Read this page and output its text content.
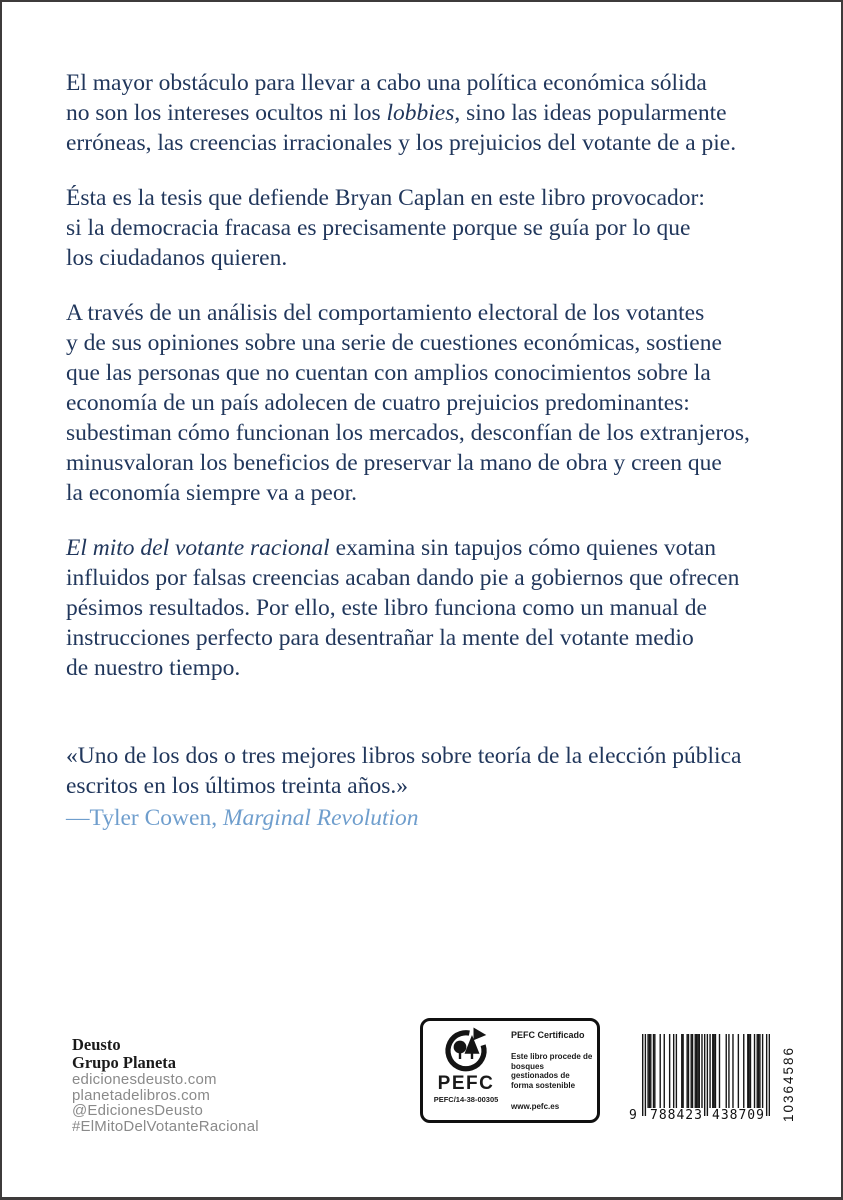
El mayor obstáculo para llevar a cabo una política económica sólida
no son los intereses ocultos ni los lobbies, sino las ideas popularmente
erróneas, las creencias irracionales y los prejuicios del votante de a pie.
Ésta es la tesis que defiende Bryan Caplan en este libro provocador:
si la democracia fracasa es precisamente porque se guía por lo que
los ciudadanos quieren.
A través de un análisis del comportamiento electoral de los votantes
y de sus opiniones sobre una serie de cuestiones económicas, sostiene
que las personas que no cuentan con amplios conocimientos sobre la
economía de un país adolecen de cuatro prejuicios predominantes:
subestiman cómo funcionan los mercados, desconfían de los extranjeros,
minusvaloran los beneficios de preservar la mano de obra y creen que
la economía siempre va a peor.
El mito del votante racional examina sin tapujos cómo quienes votan
influidos por falsas creencias acaban dando pie a gobiernos que ofrecen
pésimos resultados. Por ello, este libro funciona como un manual de
instrucciones perfecto para desentrañar la mente del votante medio
de nuestro tiempo.
«Uno de los dos o tres mejores libros sobre teoría de la elección pública
escritos en los últimos treinta años.»
—Tyler Cowen, Marginal Revolution
Deusto
Grupo Planeta
edicionesdeusto.com
planetadelibros.com
@EdicionesDeusto
#ElMitoDelVotanteRacional
PEFC
PEFC/14-38-00305
PEFC Certificado
Este libro procede de bosques gestionados de forma sostenible
www.pefc.es
9 788423 438709 10364586
